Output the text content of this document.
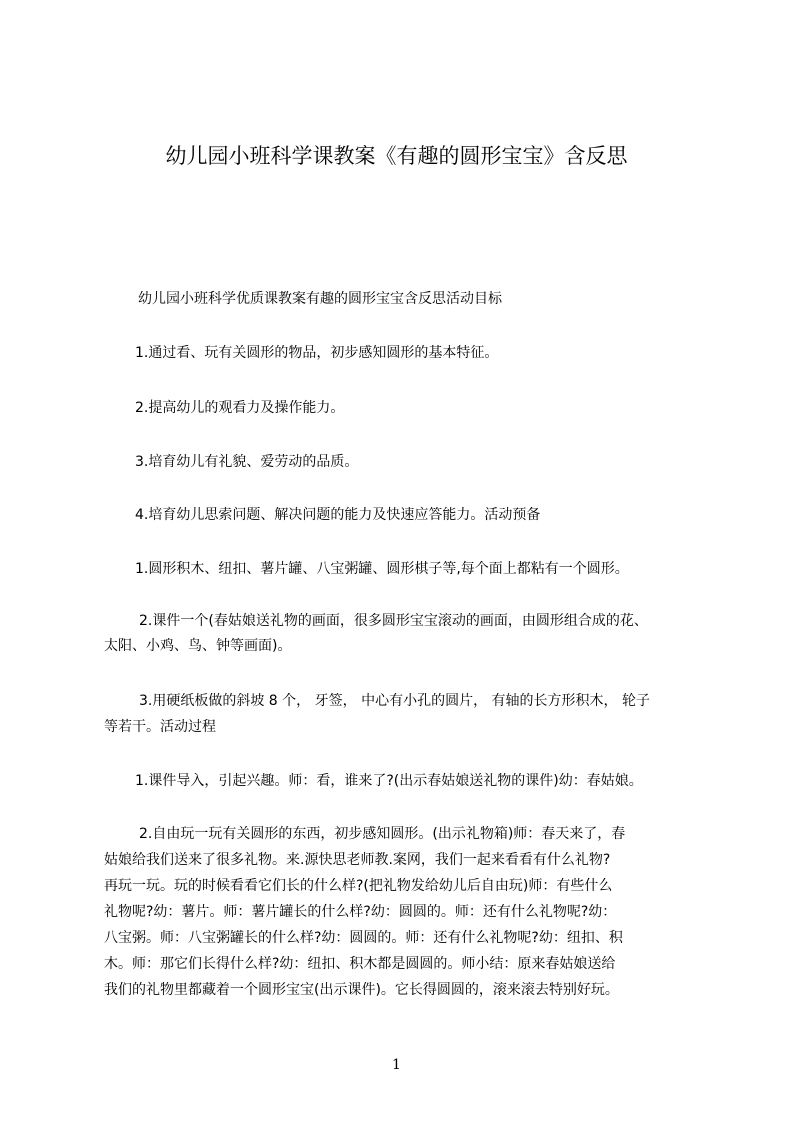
幼儿园小班科学课教案《有趣的圆形宝宝》含反思
幼儿园小班科学优质课教案有趣的圆形宝宝含反思活动目标
1.通过看、玩有关圆形的物品，初步感知圆形的基本特征。
2.提高幼儿的观看力及操作能力。
3.培育幼儿有礼貌、爱劳动的品质。
4.培育幼儿思索问题、解决问题的能力及快速应答能力。活动预备
1.圆形积木、纽扣、薯片罐、八宝粥罐、圆形棋子等,每个面上都粘有一个圆形。
2.课件一个(春姑娘送礼物的画面，很多圆形宝宝滚动的画面，由圆形组合成的花、
太阳、小鸡、鸟、钟等画面)。
3.用硬纸板做的斜坡 8 个， 牙签， 中心有小孔的圆片， 有轴的长方形积木， 轮子
等若干。活动过程
1.课件导入，引起兴趣。师：看，谁来了?(出示春姑娘送礼物的课件)幼：春姑娘。
2.自由玩一玩有关圆形的东西，初步感知圆形。(出示礼物箱)师：春天来了，春
姑娘给我们送来了很多礼物。来.源快思老师教.案网，我们一起来看看有什么礼物?
再玩一玩。玩的时候看看它们长的什么样?(把礼物发给幼儿后自由玩)师：有些什么
礼物呢?幼：薯片。师：薯片罐长的什么样?幼：圆圆的。师：还有什么礼物呢?幼：
八宝粥。师：八宝粥罐长的什么样?幼：圆圆的。师：还有什么礼物呢?幼：纽扣、积
木。师：那它们长得什么样?幼：纽扣、积木都是圆圆的。师小结：原来春姑娘送给
我们的礼物里都藏着一个圆形宝宝(出示课件)。它长得圆圆的，滚来滚去特别好玩。
1
